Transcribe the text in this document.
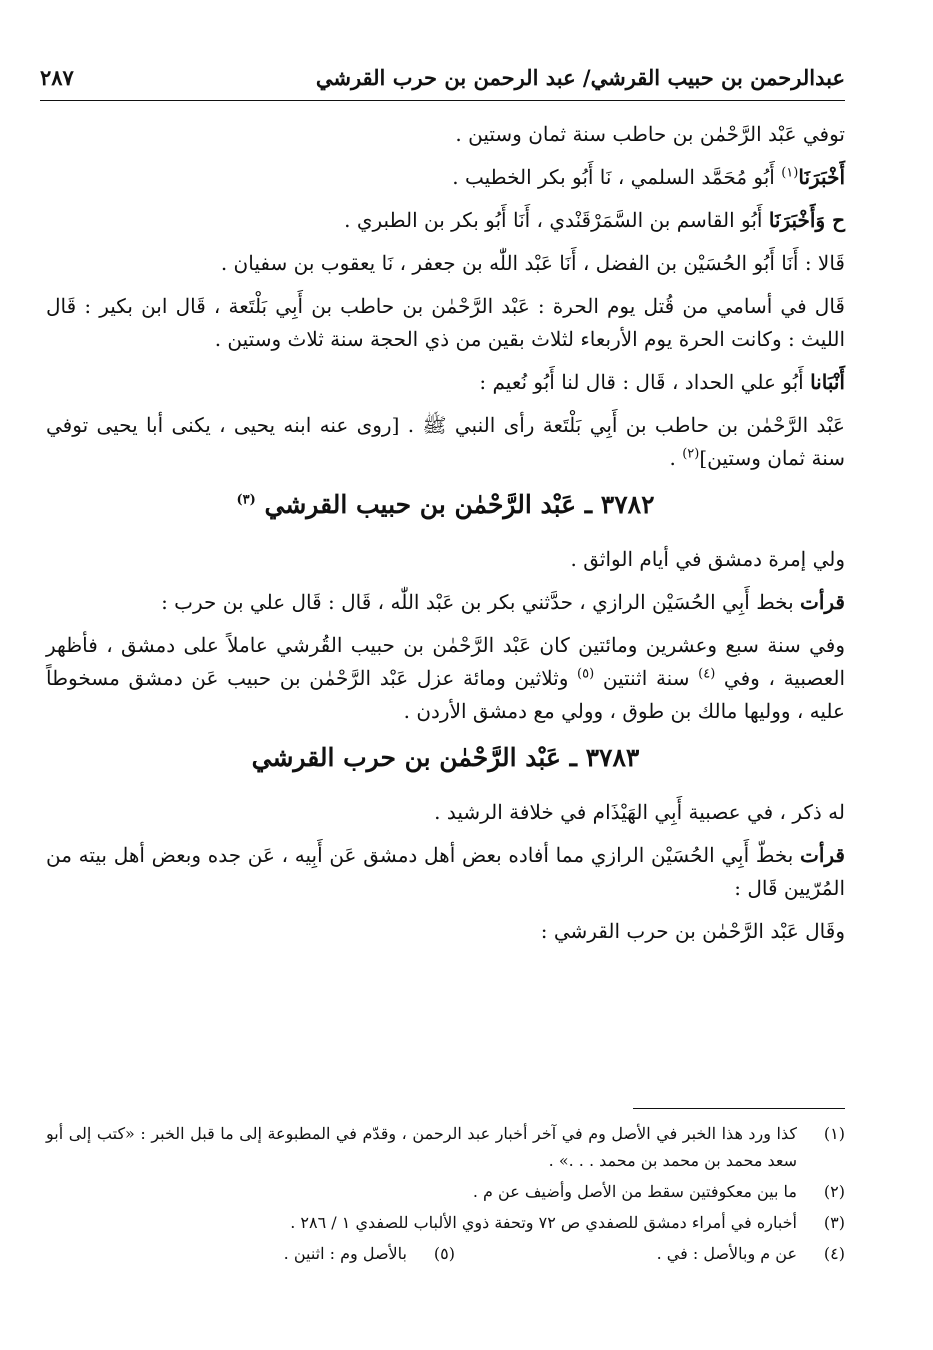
عبدالرحمن بن حبيب القرشي/ عبد الرحمن بن حرب القرشي
٢٨٧

توفي عَبْد الرَّحْمٰن بن حاطب سنة ثمان وستين .

أَخْبَرَنَا$^{(١)}$ أَبُو مُحَمَّد السلمي ، نَا أَبُو بكر الخطيب .

ح وَأَخْبَرَنَا أَبُو القاسم بن السَّمَرْقَنْدي ، أَنَا أَبُو بكر بن الطبري .

قَالا : أَنَا أَبُو الحُسَيْن بن الفضل ، أَنَا عَبْد اللّٰه بن جعفر ، نَا يعقوب بن سفيان .

قَال في أسامي من قُتل يوم الحرة : عَبْد الرَّحْمٰن بن حاطب بن أَبِي بَلْتَعة ، قَال ابن بكير : قَال الليث : وكانت الحرة يوم الأربعاء لثلاث بقين من ذي الحجة سنة ثلاث وستين .

أَنْبَانا أَبُو علي الحداد ، قَال : قال لنا أَبُو نُعيم :

عَبْد الرَّحْمٰن بن حاطب بن أَبِي بَلْتَعة رأى النبي ﷺ . [روى عنه ابنه يحيى ، يكنى أبا يحيى توفي سنة ثمان وستين]$^{(٢)}$ .

٣٧٨٢ ـ عَبْد الرَّحْمٰن بن حبيب القرشي $^{(٣)}$

ولي إمرة دمشق في أيام الواثق .

قرأت بخط أَبِي الحُسَيْن الرازي ، حدَّثني بكر بن عَبْد اللّٰه ، قَال : قَال علي بن حرب :

وفي سنة سبع وعشرين ومائتين كان عَبْد الرَّحْمٰن بن حبيب القُرشي عاملاً على دمشق ، فأظهر العصبية ، وفي $^{(٤)}$ سنة اثنتين $^{(٥)}$ وثلاثين ومائة عزل عَبْد الرَّحْمٰن بن حبيب عَن دمشق مسخوطاً عليه ، ووليها مالك بن طوق ، وولي مع دمشق الأردن .

٣٧٨٣ ـ عَبْد الرَّحْمٰن بن حرب القرشي

له ذكر ، في عصبية أَبِي الهَيْذَام في خلافة الرشيد .

قرأت بخطّ أَبِي الحُسَيْن الرازي مما أفاده بعض أهل دمشق عَن أَبِيه ، عَن جده وبعض أهل بيته من المُرّيين قَال :

وقَال عَبْد الرَّحْمٰن بن حرب القرشي :

(١)
كذا ورد هذا الخبر في الأصل وم في آخر أخبار عبد الرحمن ، وقدّم في المطبوعة إلى ما قبل الخبر : «كتب إلى أبو سعد محمد بن محمد بن محمد . . .» .
(٢)
ما بين معكوفتين سقط من الأصل وأضيف عن م .
(٣)
أخباره في أمراء دمشق للصفدي ص ٧٢ وتحفة ذوي الألباب للصفدي ١ / ٢٨٦ .
(٤)
عن م وبالأصل : في .
(٥)
بالأصل وم : اثنين .
